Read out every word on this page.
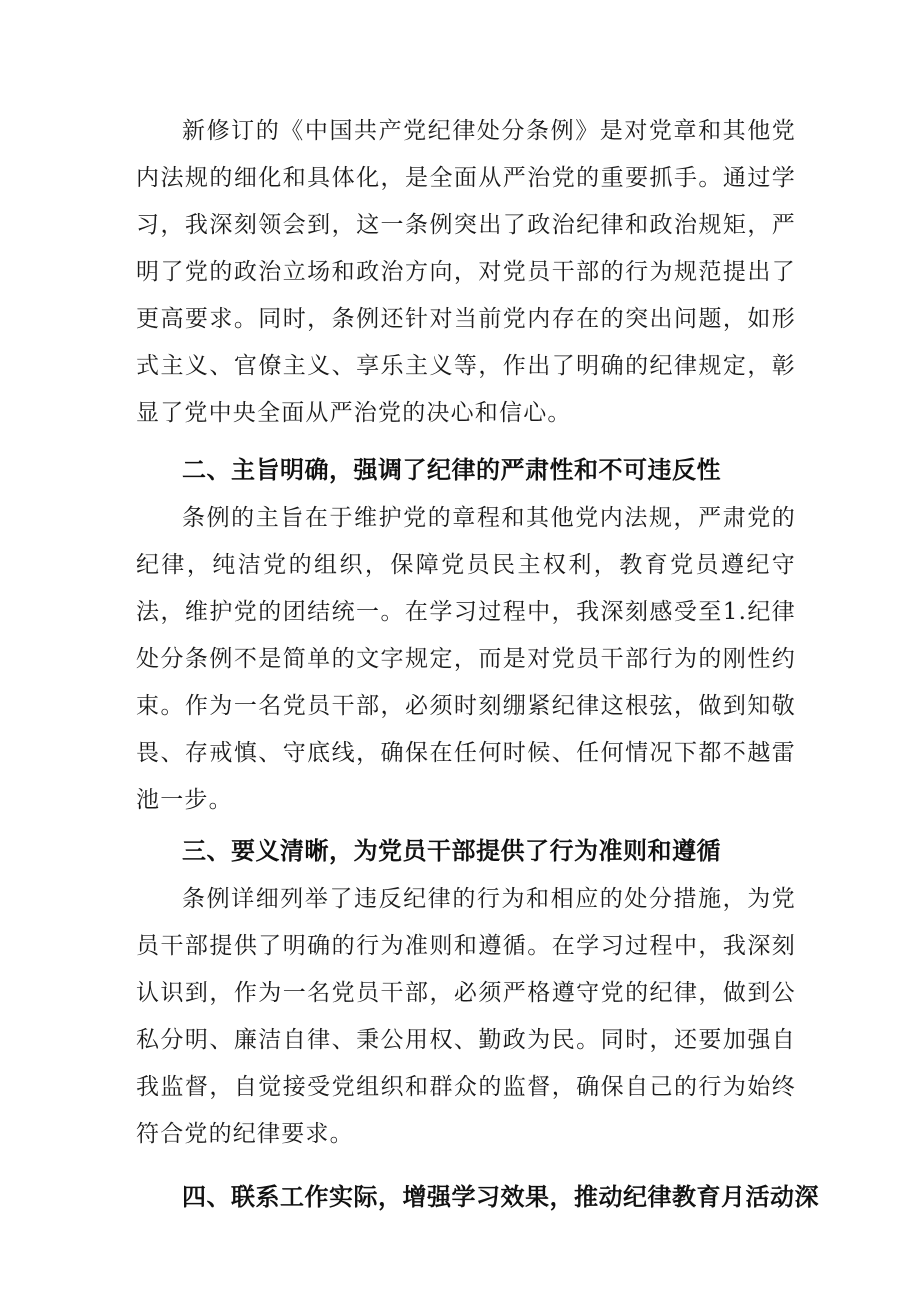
新修订的《中国共产党纪律处分条例》是对党章和其他党内法规的细化和具体化，是全面从严治党的重要抓手。通过学习，我深刻领会到，这一条例突出了政治纪律和政治规矩，严明了党的政治立场和政治方向，对党员干部的行为规范提出了更高要求。同时，条例还针对当前党内存在的突出问题，如形式主义、官僚主义、享乐主义等，作出了明确的纪律规定，彰显了党中央全面从严治党的决心和信心。

二、主旨明确，强调了纪律的严肃性和不可违反性

条例的主旨在于维护党的章程和其他党内法规，严肃党的纪律，纯洁党的组织，保障党员民主权利，教育党员遵纪守法，维护党的团结统一。在学习过程中，我深刻感受至1.纪律处分条例不是简单的文字规定，而是对党员干部行为的刚性约束。作为一名党员干部，必须时刻绷紧纪律这根弦，做到知敬畏、存戒慎、守底线，确保在任何时候、任何情况下都不越雷池一步。

三、要义清晰，为党员干部提供了行为准则和遵循

条例详细列举了违反纪律的行为和相应的处分措施，为党员干部提供了明确的行为准则和遵循。在学习过程中，我深刻认识到，作为一名党员干部，必须严格遵守党的纪律，做到公私分明、廉洁自律、秉公用权、勤政为民。同时，还要加强自我监督，自觉接受党组织和群众的监督，确保自己的行为始终符合党的纪律要求。

四、联系工作实际，增强学习效果，推动纪律教育月活动深
